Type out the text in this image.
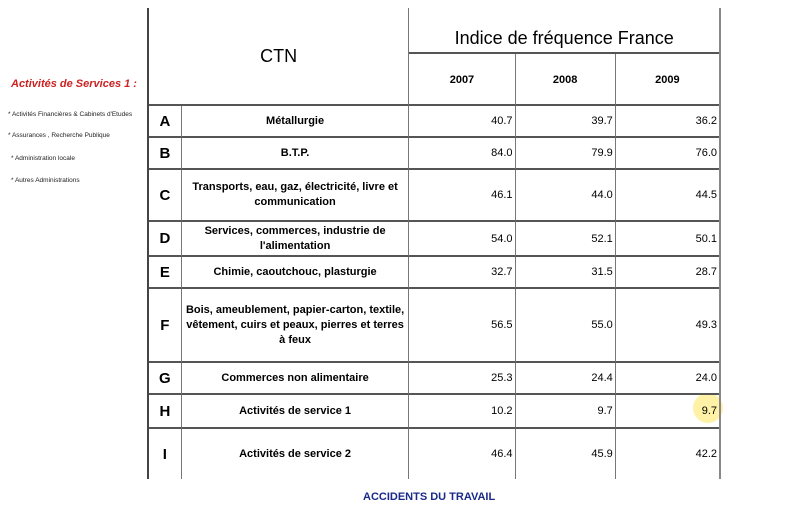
Activités de Services 1 :
* Activités Financières & Cabinets d'Etudes
* Assurances , Recherche Publique
* Administration locale
* Autres Administrations
CTN		Indice de fréquence France		
		2007	2008	2009
A	Métallurgie	40.7	39.7	36.2
B	B.T.P.	84.0	79.9	76.0
C	Transports, eau, gaz, électricité, livre et communication	46.1	44.0	44.5
D	Services, commerces, industrie de l'alimentation	54.0	52.1	50.1
E	Chimie, caoutchouc, plasturgie	32.7	31.5	28.7
F	Bois, ameublement, papier-carton, textile, vêtement, cuirs et peaux, pierres et terres à feux	56.5	55.0	49.3
G	Commerces non alimentaire	25.3	24.4	24.0
H	Activités de service 1	10.2	9.7	9.7
I	Activités de service 2	46.4	45.9	42.2
ACCIDENTS DU TRAVAIL
